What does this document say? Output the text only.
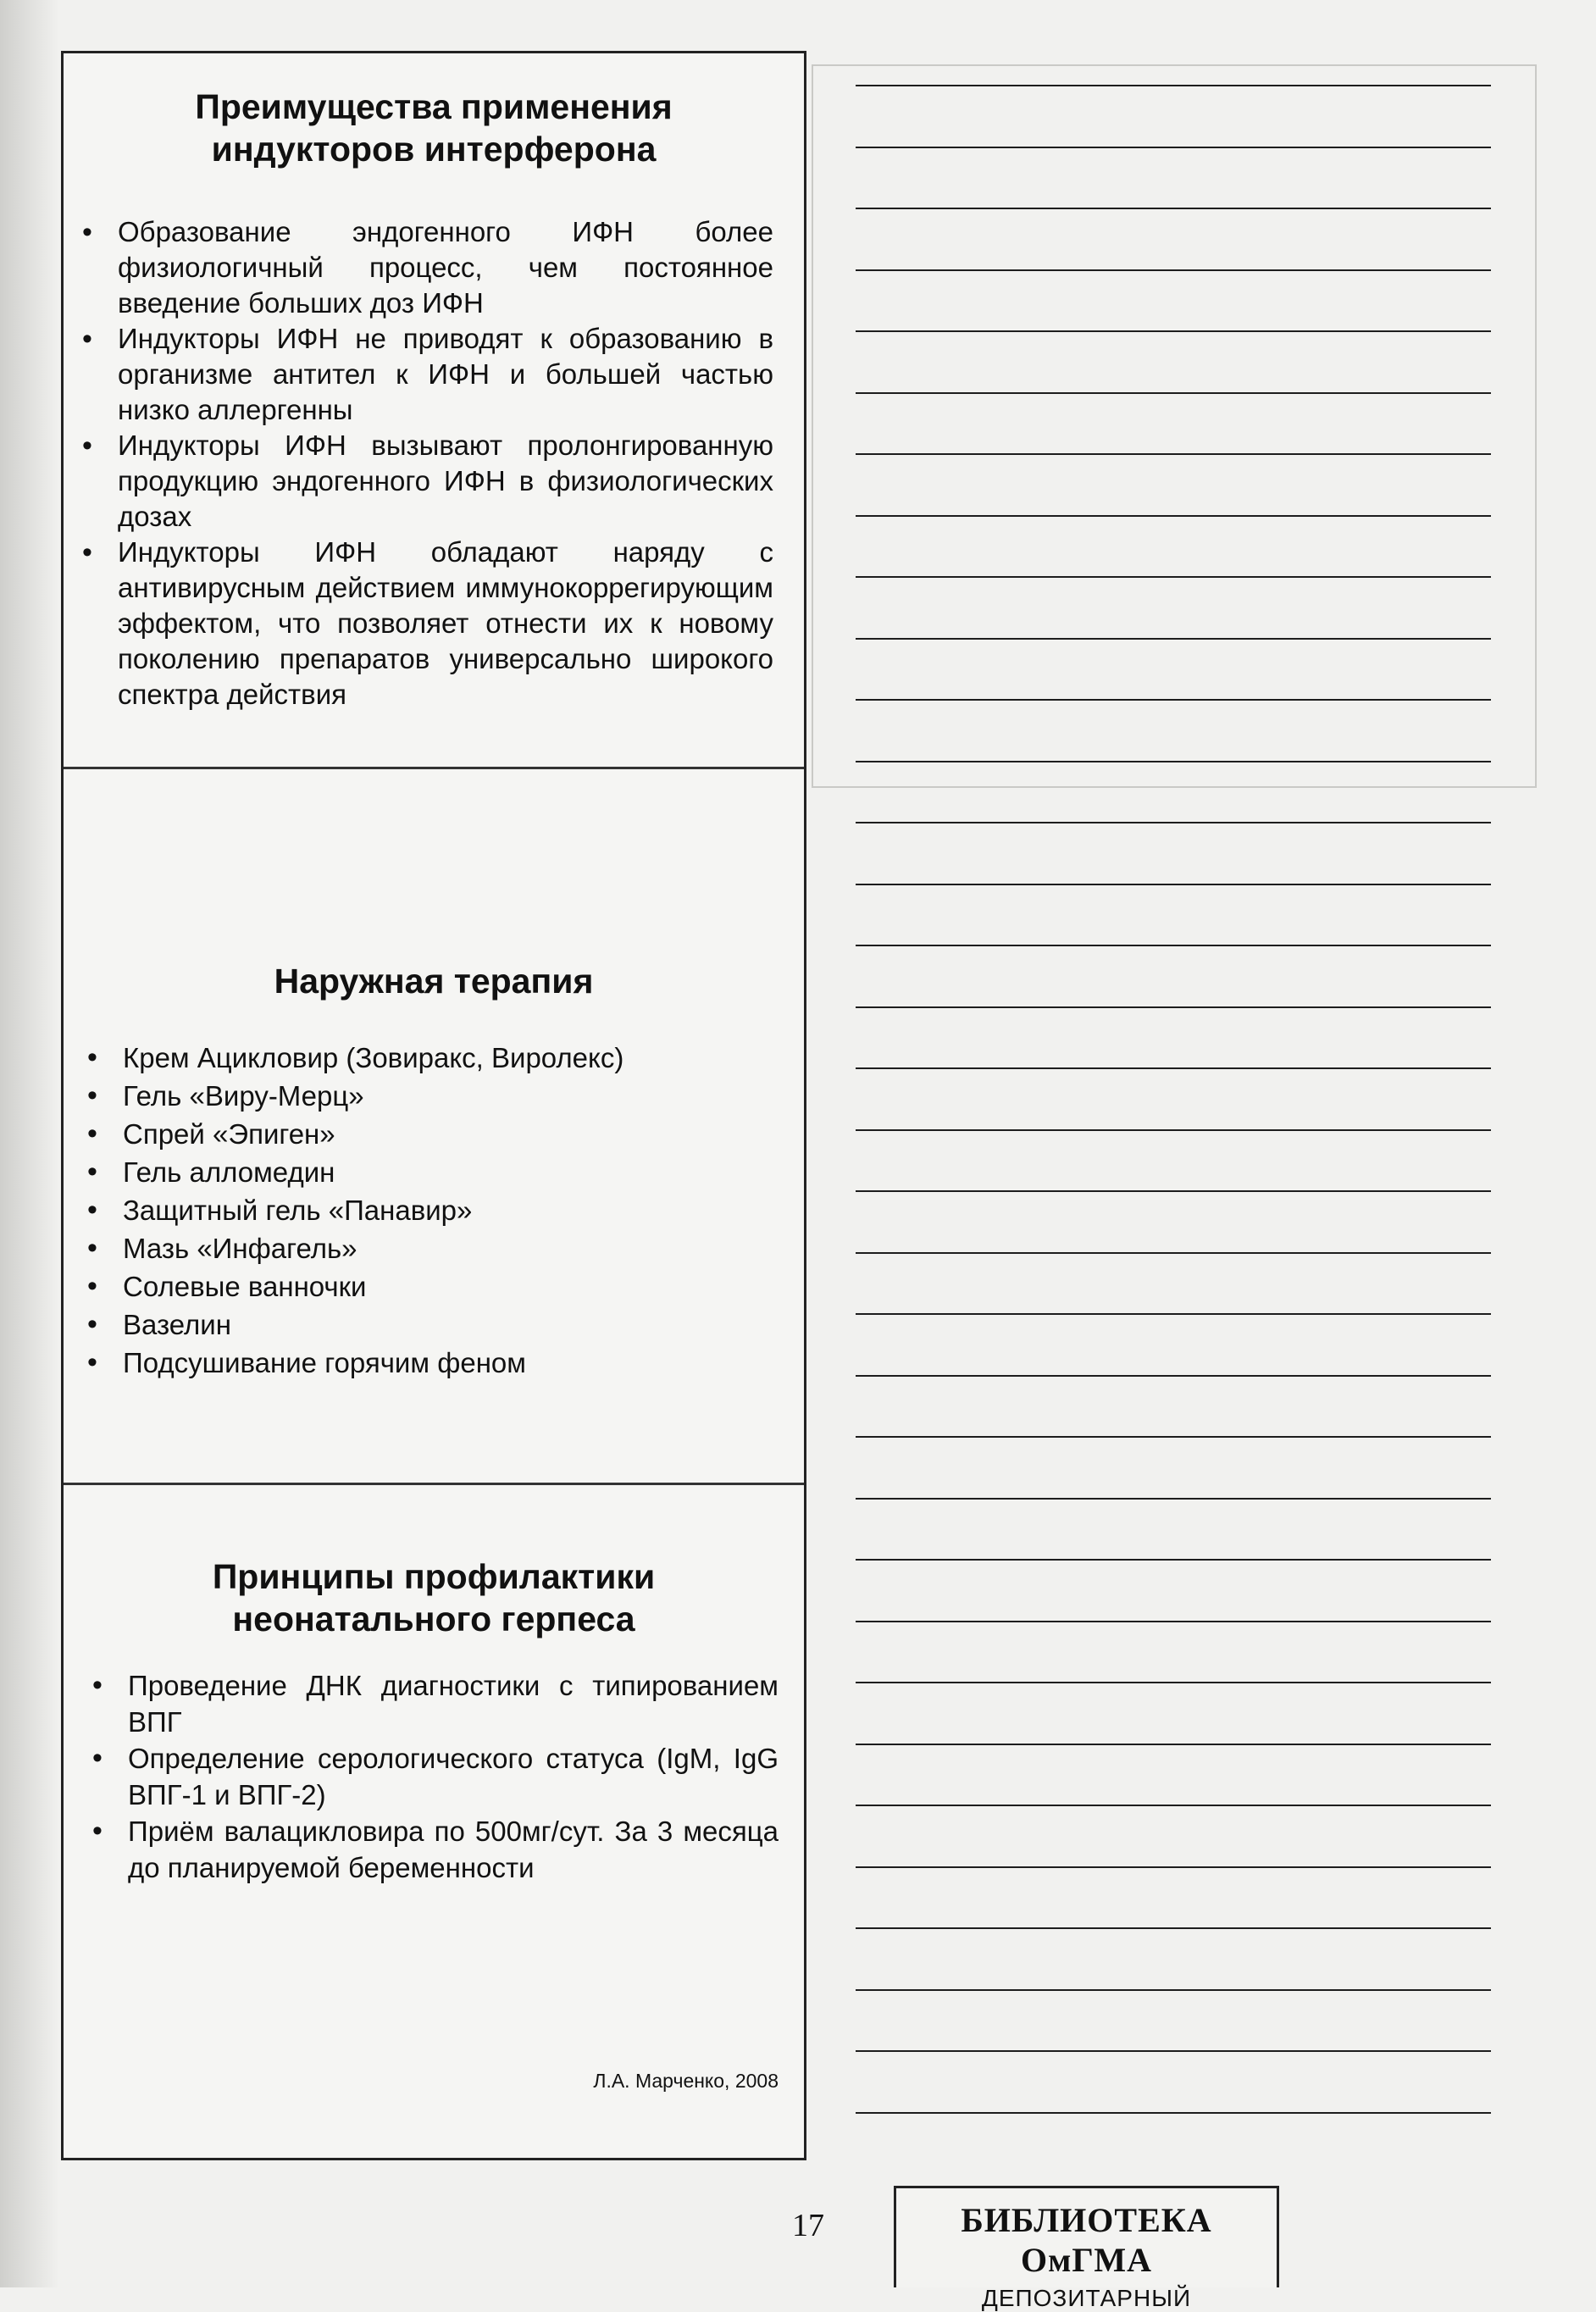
Преимущества применения
индукторов интерферона
• Образование эндогенного ИФН более физиологичный процесс, чем постоянное введение больших доз ИФН
• Индукторы ИФН не приводят к образованию в организме антител к ИФН и большей частью низко аллергенны
• Индукторы ИФН вызывают пролонгированную продукцию эндогенного ИФН в физиологических дозах
• Индукторы ИФН обладают наряду с антивирусным действием иммунокоррегирующим эффектом, что позволяет отнести их к новому поколению препаратов универсально широкого спектра действия
Наружная терапия
• Крем Ацикловир (Зовиракс, Виролекс)
• Гель «Виру-Мерц»
• Спрей «Эпиген»
• Гель алломедин
• Защитный гель «Панавир»
• Мазь «Инфагель»
• Солевые ванночки
• Вазелин
• Подсушивание горячим феном
Принципы профилактики
неонатального герпеса
• Проведение ДНК диагностики с типированием ВПГ
• Определение серологического статуса (IgM, IgG ВПГ-1 и ВПГ-2)
• Приём валацикловира по 500мг/сут. За 3 месяца до планируемой беременности
Л.А. Марченко, 2008
17	БИБЛИОТЕКА ОмГМА
ДЕПОЗИТАРНЫЙ
